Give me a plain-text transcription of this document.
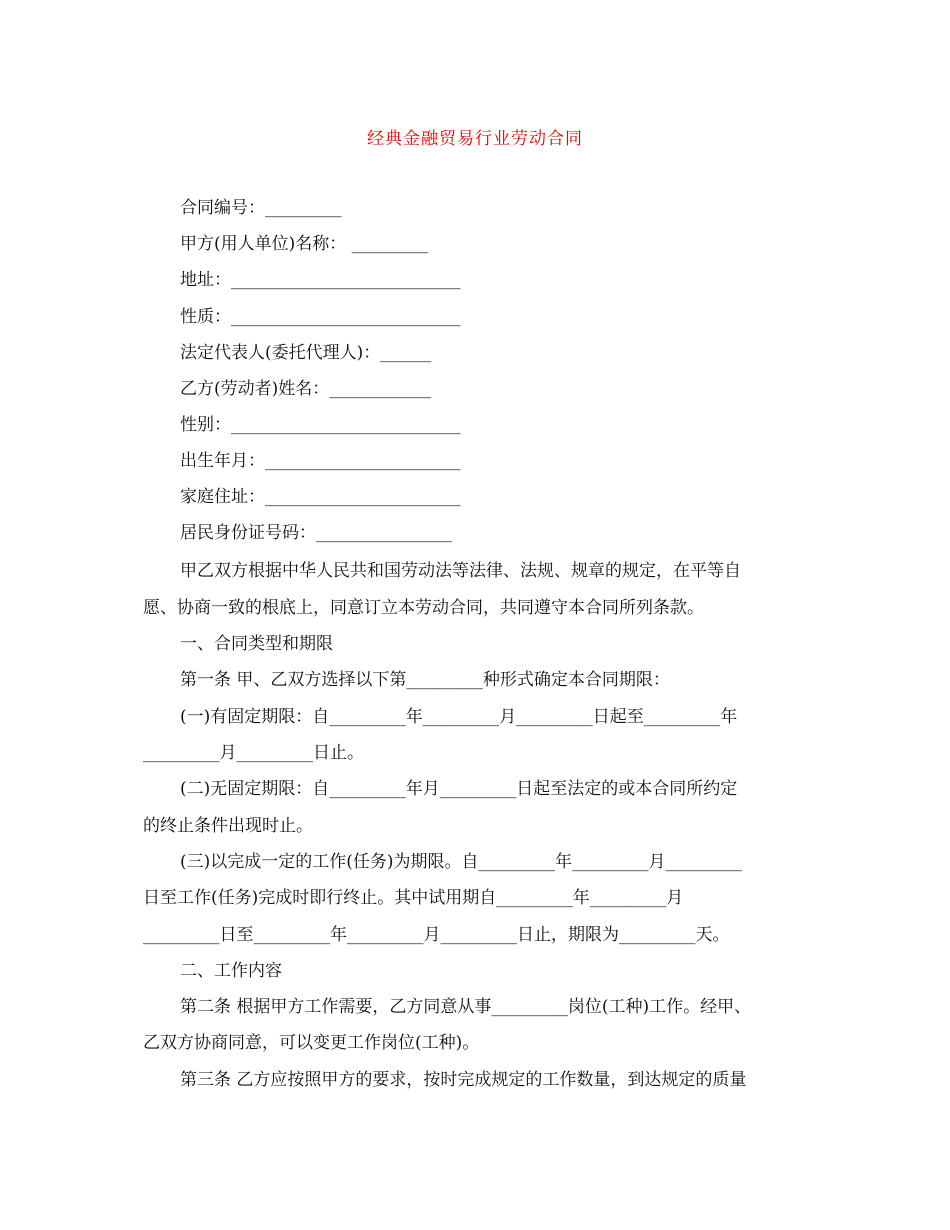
经典金融贸易行业劳动合同
合同编号：_________
甲方(用人单位)名称： _________
地址：___________________________
性质：___________________________
法定代表人(委托代理人)：______
乙方(劳动者)姓名：____________
性别：___________________________
出生年月：_______________________
家庭住址：_______________________
居民身份证号码：________________
甲乙双方根据中华人民共和国劳动法等法律、法规、规章的规定，在平等自
愿、协商一致的根底上，同意订立本劳动合同，共同遵守本合同所列条款。
一、合同类型和期限
第一条 甲、乙双方选择以下第_________种形式确定本合同期限：
(一)有固定期限：自_________年_________月_________日起至_________年
_________月_________日止。
(二)无固定期限：自_________年月_________日起至法定的或本合同所约定
的终止条件出现时止。
(三)以完成一定的工作(任务)为期限。自_________年_________月_________
日至工作(任务)完成时即行终止。其中试用期自_________年_________月
_________日至_________年_________月_________日止，期限为_________天。
二、工作内容
第二条 根据甲方工作需要，乙方同意从事_________岗位(工种)工作。经甲、
乙双方协商同意，可以变更工作岗位(工种)。
第三条 乙方应按照甲方的要求，按时完成规定的工作数量，到达规定的质量
